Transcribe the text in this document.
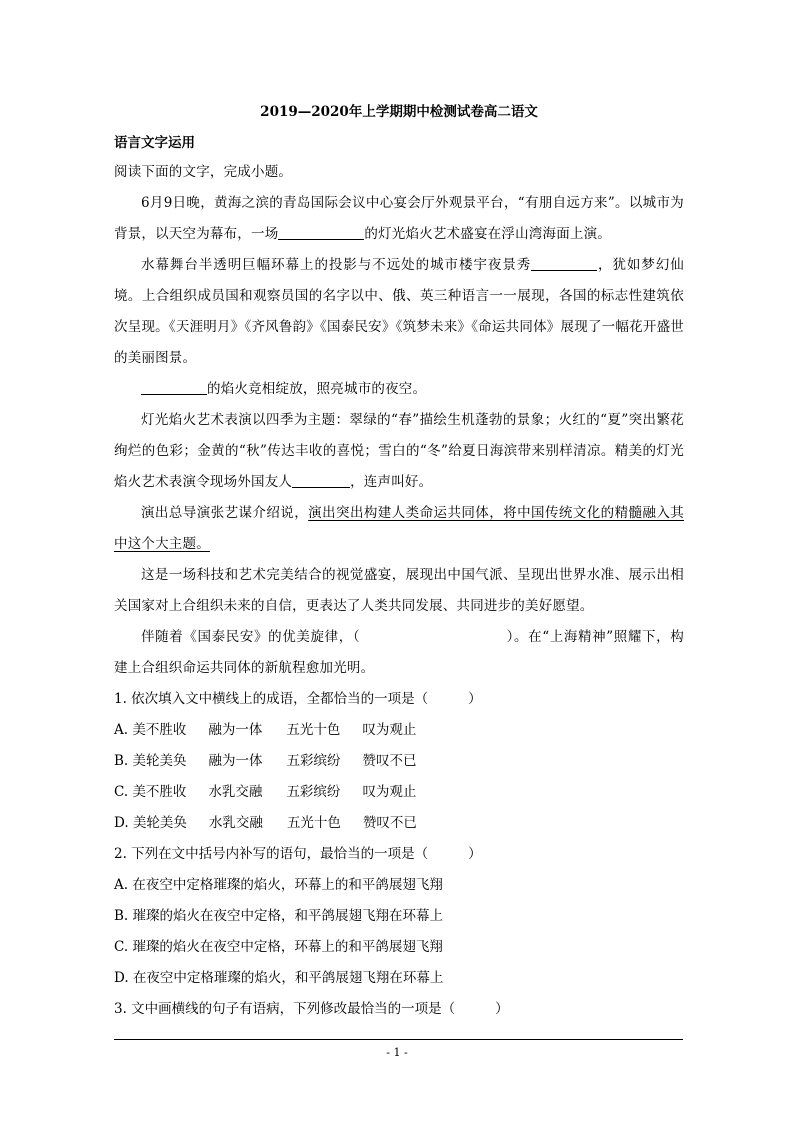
2019—2020年上学期期中检测试卷高二语文
语言文字运用

阅读下面的文字，完成小题。

6月9日晚，黄海之滨的青岛国际会议中心宴会厅外观景平台，“有朋自远方来”。以城市为背景，以天空为幕布，一场	的灯光焰火艺术盛宴在浮山湾海面上演。

水幕舞台半透明巨幅环幕上的投影与不远处的城市楼宇夜景秀	，犹如梦幻仙境。上合组织成员国和观察员国的名字以中、俄、英三种语言一一展现，各国的标志性建筑依次呈现。《天涯明月》《齐风鲁韵》《国泰民安》《筑梦未来》《命运共同体》展现了一幅花开盛世的美丽图景。

的焰火竞相绽放，照亮城市的夜空。

灯光焰火艺术表演以四季为主题：翠绿的“春”描绘生机蓬勃的景象；火红的“夏”突出繁花绚烂的色彩；金黄的“秋”传达丰收的喜悦；雪白的“冬”给夏日海滨带来别样清凉。精美的灯光焰火艺术表演令现场外国友人	，连声叫好。

演出总导演张艺谋介绍说，演出突出构建人类命运共同体，将中国传统文化的精髓融入其中这个大主题。

这是一场科技和艺术完美结合的视觉盛宴，展现出中国气派、呈现出世界水准、展示出相关国家对上合组织未来的自信，更表达了人类共同发展、共同进步的美好愿望。

伴随着《国泰民安》的优美旋律，（	）。在“上海精神”照耀下，构建上合组织命运共同体的新航程愈加光明。

1. 依次填入文中横线上的成语，全都恰当的一项是（	）

A. 美不胜收 融为一体 五光十色 叹为观止

B. 美轮美奂 融为一体 五彩缤纷 赞叹不已

C. 美不胜收 水乳交融 五彩缤纷 叹为观止

D. 美轮美奂 水乳交融 五光十色 赞叹不已

2. 下列在文中括号内补写的语句，最恰当的一项是（	）

A. 在夜空中定格璀璨的焰火，环幕上的和平鸽展翅飞翔

B. 璀璨的焰火在夜空中定格，和平鸽展翅飞翔在环幕上

C. 璀璨的焰火在夜空中定格，环幕上的和平鸽展翅飞翔

D. 在夜空中定格璀璨的焰火，和平鸽展翅飞翔在环幕上

3. 文中画横线的句子有语病，下列修改最恰当的一项是（	）

- 1 -
